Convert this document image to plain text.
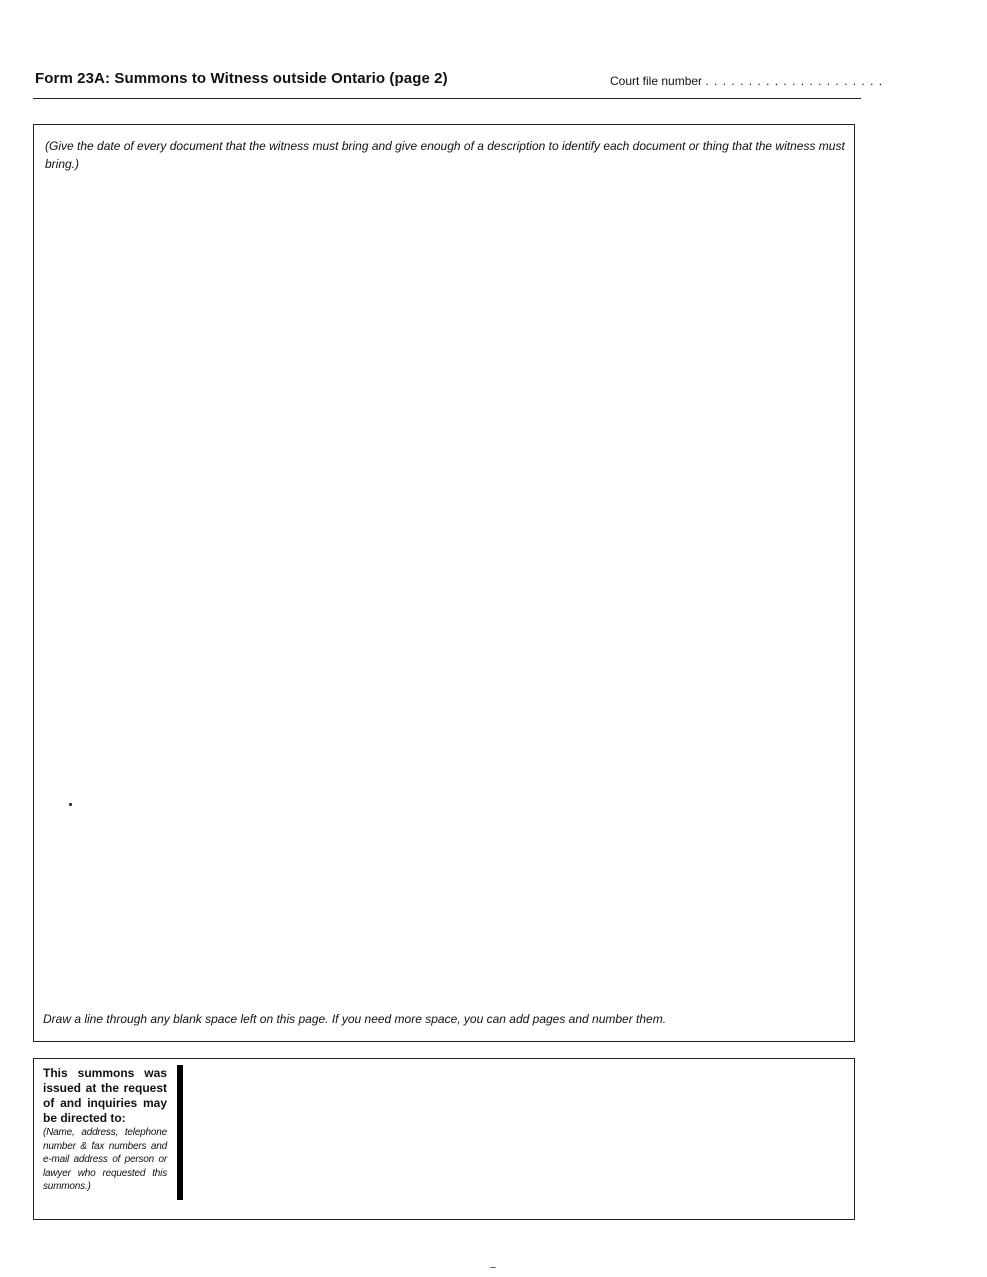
Form 23A: Summons to Witness outside Ontario (page 2)	Court file number . . . . . . . . . . . . . . . . . . . . .
(Give the date of every document that the witness must bring and give enough of a description to identify each document or thing that the witness must bring.)
Draw a line through any blank space left on this page. If you need more space, you can add pages and number them.
This summons was issued at the request of and inquiries may be directed to:
(Name, address, telephone number & fax numbers and e-mail address of person or lawyer who requested this summons.)
